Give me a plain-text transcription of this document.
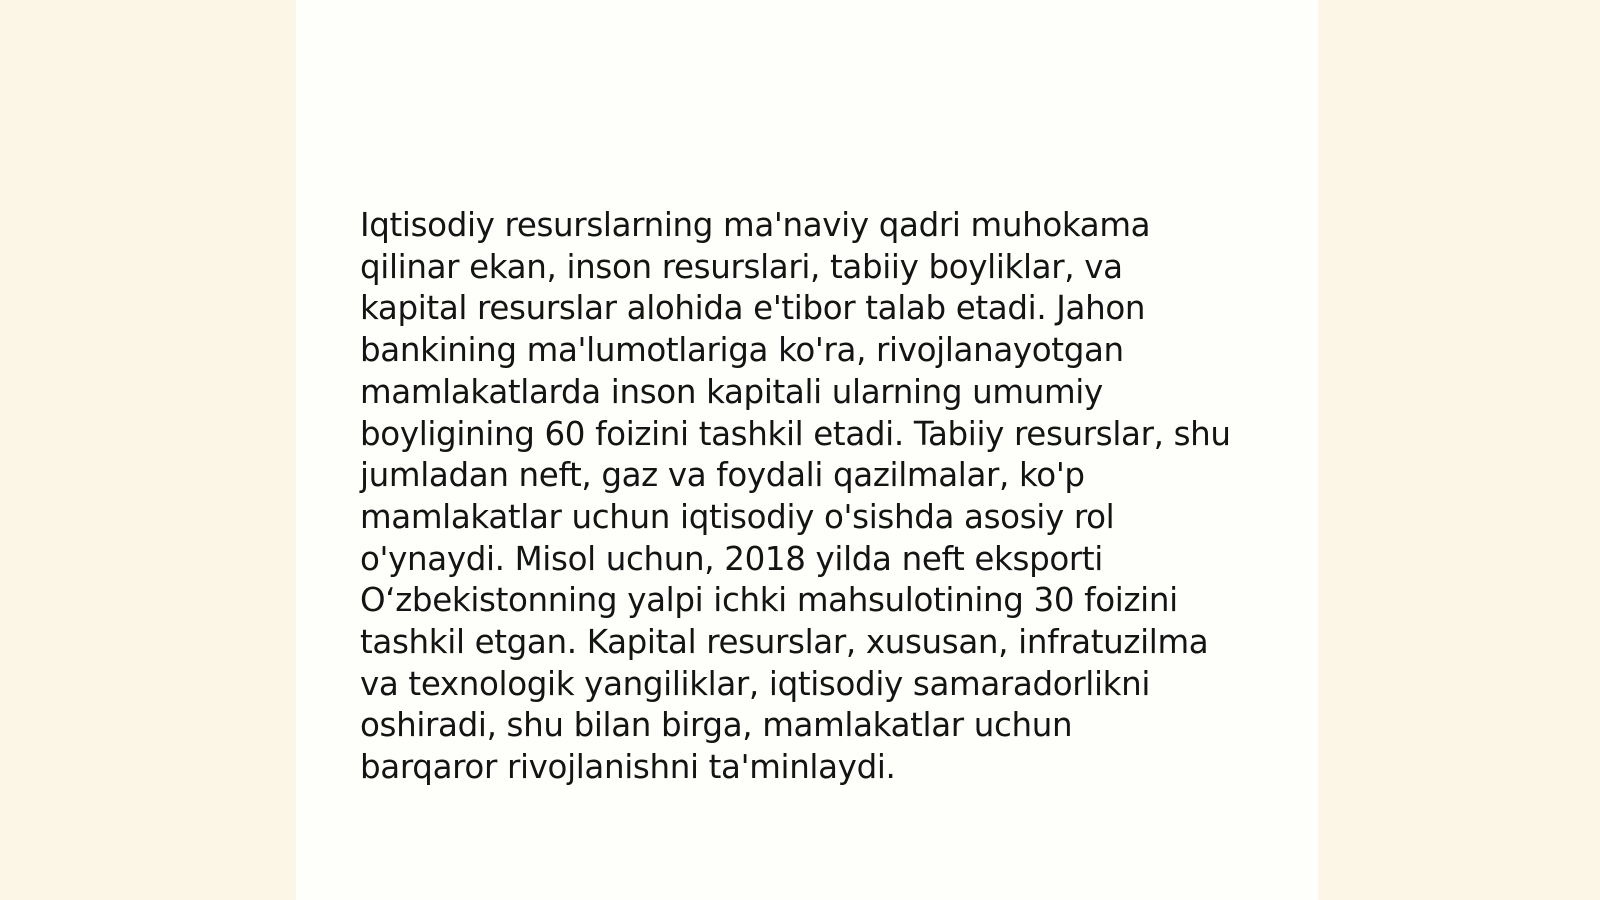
Iqtisodiy resurslarning ma'naviy qadri muhokama
qilinar ekan, inson resurslari, tabiiy boyliklar, va
kapital resurslar alohida e'tibor talab etadi. Jahon
bankining ma'lumotlariga ko'ra, rivojlanayotgan
mamlakatlarda inson kapitali ularning umumiy
boyligining 60 foizini tashkil etadi. Tabiiy resurslar, shu
jumladan neft, gaz va foydali qazilmalar, ko'p
mamlakatlar uchun iqtisodiy o'sishda asosiy rol
o'ynaydi. Misol uchun, 2018 yilda neft eksporti
O‘zbekistonning yalpi ichki mahsulotining 30 foizini
tashkil etgan. Kapital resurslar, xususan, infratuzilma
va texnologik yangiliklar, iqtisodiy samaradorlikni
oshiradi, shu bilan birga, mamlakatlar uchun
barqaror rivojlanishni ta'minlaydi.
